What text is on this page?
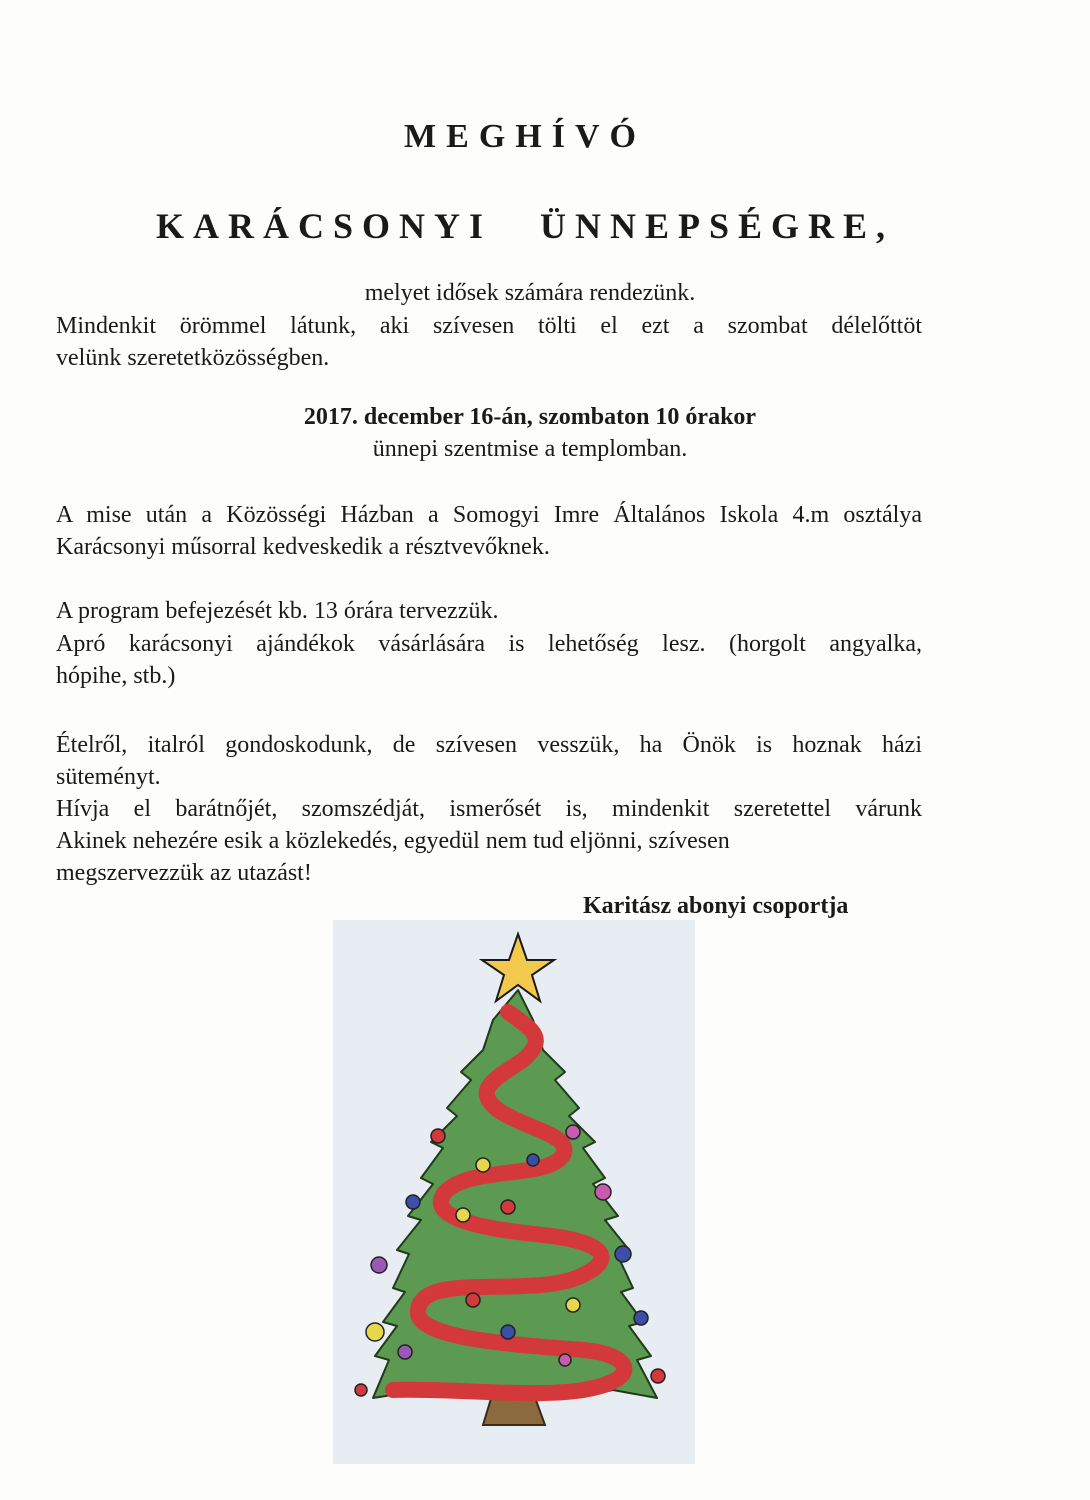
MEGHÍVÓ
KARÁCSONYI ÜNNEPSÉGRE,

melyet idősek számára rendezünk.

Mindenkit örömmel látunk, aki szívesen tölti el ezt a szombat délelőttöt

velünk szeretetközösségben.

2017. december 16-án, szombaton 10 órakor

ünnepi szentmise a templomban.

A mise után a Közösségi Házban a Somogyi Imre Általános Iskola 4.m osztálya

Karácsonyi műsorral kedveskedik a résztvevőknek.

A program befejezését kb. 13 órára tervezzük.

Apró karácsonyi ajándékok vásárlására is lehetőség lesz. (horgolt angyalka,

hópihe, stb.)

Ételről, italról gondoskodunk, de szívesen vesszük, ha Önök is hoznak házi

süteményt.

Hívja el barátnőjét, szomszédját, ismerősét is, mindenkit szeretettel várunk

Akinek nehezére esik a közlekedés, egyedül nem tud eljönni, szívesen

megszervezzük az utazást!

Karitász abonyi csoportja
